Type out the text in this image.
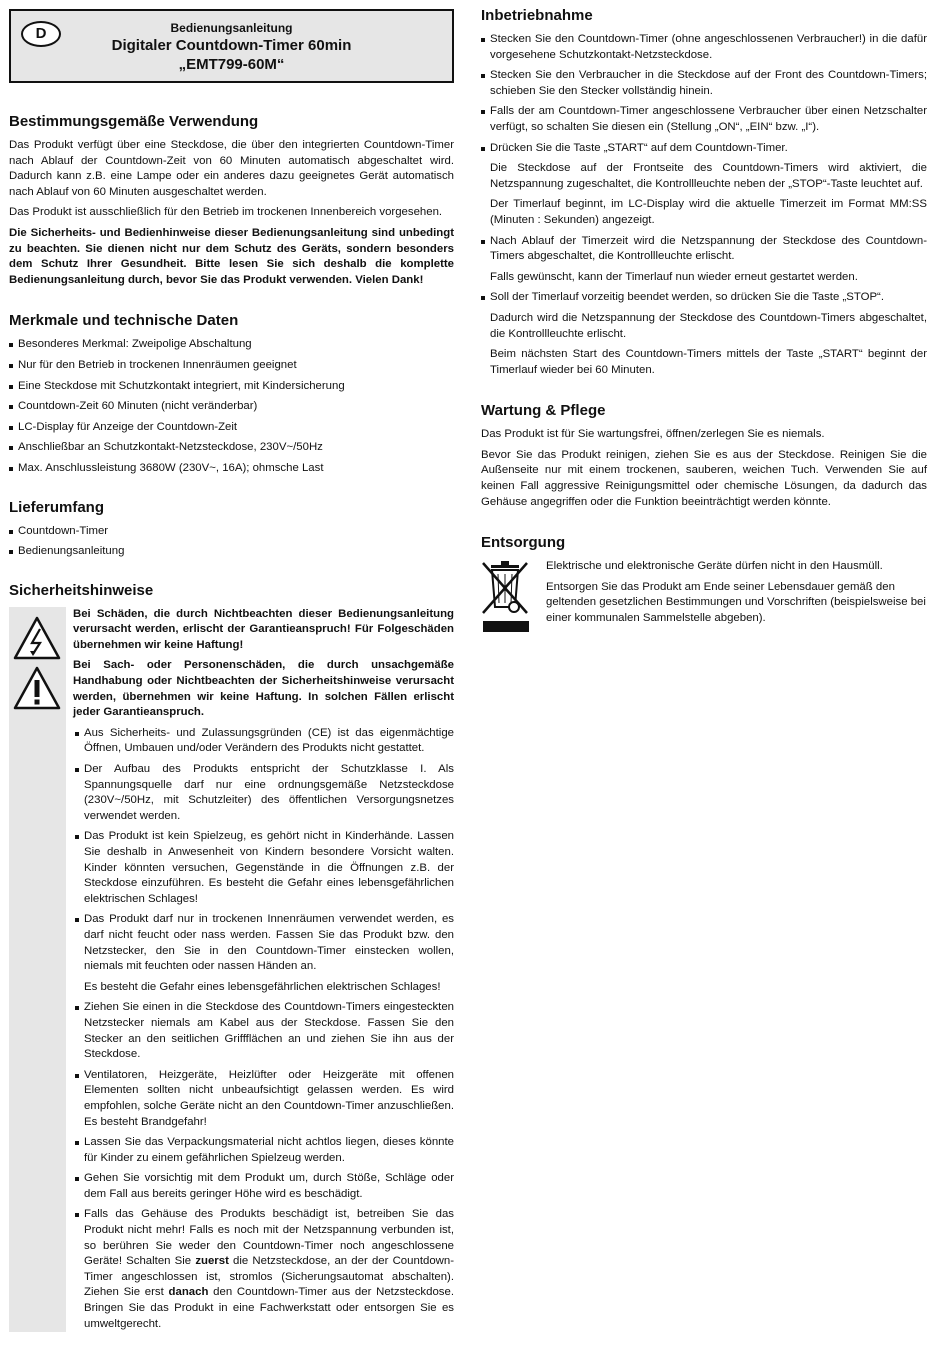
D	Bedienungsanleitung
Digitaler Countdown-Timer 60min
„EMT799-60M“
Bestimmungsgemäße Verwendung

Das Produkt verfügt über eine Steckdose, die über den integrierten Countdown-Timer nach Ablauf der Countdown-Zeit von 60 Minuten automatisch abgeschaltet wird. Dadurch kann z.B. eine Lampe oder ein anderes dazu geeignetes Gerät automatisch nach Ablauf von 60 Minuten ausgeschaltet werden.

Das Produkt ist ausschließlich für den Betrieb im trockenen Innenbereich vorgesehen.

Die Sicherheits- und Bedienhinweise dieser Bedienungsanleitung sind unbedingt zu beachten. Sie dienen nicht nur dem Schutz des Geräts, sondern besonders dem Schutz Ihrer Gesundheit. Bitte lesen Sie sich deshalb die komplette Bedienungsanleitung durch, bevor Sie das Produkt verwenden. Vielen Dank!

Merkmale und technische Daten
Besonderes Merkmal: Zweipolige Abschaltung
Nur für den Betrieb in trockenen Innenräumen geeignet
Eine Steckdose mit Schutzkontakt integriert, mit Kindersicherung
Countdown-Zeit 60 Minuten (nicht veränderbar)
LC-Display für Anzeige der Countdown-Zeit
Anschließbar an Schutzkontakt-Netzsteckdose, 230V~/50Hz
Max. Anschlussleistung 3680W (230V~, 16A); ohmsche Last
Lieferumfang
Countdown-Timer
Bedienungsanleitung
Sicherheitshinweise

Bei Schäden, die durch Nichtbeachten dieser Bedienungsanleitung verursacht werden, erlischt der Garantieanspruch! Für Folgeschäden übernehmen wir keine Haftung!

Bei Sach- oder Personenschäden, die durch unsachgemäße Handhabung oder Nichtbeachten der Sicherheitshinweise verursacht werden, übernehmen wir keine Haftung. In solchen Fällen erlischt jeder Garantieanspruch.

Aus Sicherheits- und Zulassungsgründen (CE) ist das eigenmächtige Öffnen, Umbauen und/oder Verändern des Produkts nicht gestattet.
Der Aufbau des Produkts entspricht der Schutzklasse I. Als Spannungsquelle darf nur eine ordnungsgemäße Netzsteckdose (230V~/50Hz, mit Schutzleiter) des öffentlichen Versorgungsnetzes verwendet werden.
Das Produkt ist kein Spielzeug, es gehört nicht in Kinderhände. Lassen Sie deshalb in Anwesenheit von Kindern besondere Vorsicht walten. Kinder könnten versuchen, Gegenstände in die Öffnungen z.B. der Steckdose einzuführen. Es besteht die Gefahr eines lebensgefährlichen elektrischen Schlages!
Das Produkt darf nur in trockenen Innenräumen verwendet werden, es darf nicht feucht oder nass werden. Fassen Sie das Produkt bzw. den Netzstecker, den Sie in den Countdown-Timer einstecken wollen, niemals mit feuchten oder nassen Händen an.

Es besteht die Gefahr eines lebensgefährlichen elektrischen Schlages!

Ziehen Sie einen in die Steckdose des Countdown-Timers eingesteckten Netzstecker niemals am Kabel aus der Steckdose. Fassen Sie den Stecker an den seitlichen Griffflächen an und ziehen Sie ihn aus der Steckdose.
Ventilatoren, Heizgeräte, Heizlüfter oder Heizgeräte mit offenen Elementen sollten nicht unbeaufsichtigt gelassen werden. Es wird empfohlen, solche Geräte nicht an den Countdown-Timer anzuschließen. Es besteht Brandgefahr!
Lassen Sie das Verpackungsmaterial nicht achtlos liegen, dieses könnte für Kinder zu einem gefährlichen Spielzeug werden.
Gehen Sie vorsichtig mit dem Produkt um, durch Stöße, Schläge oder dem Fall aus bereits geringer Höhe wird es beschädigt.
Falls das Gehäuse des Produkts beschädigt ist, betreiben Sie das Produkt nicht mehr! Falls es noch mit der Netzspannung verbunden ist, so berühren Sie weder den Countdown-Timer noch angeschlossene Geräte! Schalten Sie zuerst die Netzsteckdose, an der der Countdown-Timer angeschlossen ist, stromlos (Sicherungsautomat abschalten). Ziehen Sie erst danach den Countdown-Timer aus der Netzsteckdose. Bringen Sie das Produkt in eine Fachwerkstatt oder entsorgen Sie es umweltgerecht.
Inbetriebnahme
Stecken Sie den Countdown-Timer (ohne angeschlossenen Verbraucher!) in die dafür vorgesehene Schutzkontakt-Netzsteckdose.
Stecken Sie den Verbraucher in die Steckdose auf der Front des Countdown-Timers; schieben Sie den Stecker vollständig hinein.
Falls der am Countdown-Timer angeschlossene Verbraucher über einen Netzschalter verfügt, so schalten Sie diesen ein (Stellung „ON“, „EIN“ bzw. „I“).
Drücken Sie die Taste „START“ auf dem Countdown-Timer.

Die Steckdose auf der Frontseite des Countdown-Timers wird aktiviert, die Netzspannung zugeschaltet, die Kontrollleuchte neben der „STOP“-Taste leuchtet auf.

Der Timerlauf beginnt, im LC-Display wird die aktuelle Timerzeit im Format MM:SS (Minuten : Sekunden) angezeigt.

Nach Ablauf der Timerzeit wird die Netzspannung der Steckdose des Countdown-Timers abgeschaltet, die Kontrollleuchte erlischt.

Falls gewünscht, kann der Timerlauf nun wieder erneut gestartet werden.

Soll der Timerlauf vorzeitig beendet werden, so drücken Sie die Taste „STOP“.

Dadurch wird die Netzspannung der Steckdose des Countdown-Timers abgeschaltet, die Kontrollleuchte erlischt.

Beim nächsten Start des Countdown-Timers mittels der Taste „START“ beginnt der Timerlauf wieder bei 60 Minuten.

Wartung & Pflege

Das Produkt ist für Sie wartungsfrei, öffnen/zerlegen Sie es niemals.

Bevor Sie das Produkt reinigen, ziehen Sie es aus der Steckdose. Reinigen Sie die Außenseite nur mit einem trockenen, sauberen, weichen Tuch. Verwenden Sie auf keinen Fall aggressive Reinigungsmittel oder chemische Lösungen, da dadurch das Gehäuse angegriffen oder die Funktion beeinträchtigt werden könnte.

Entsorgung

Elektrische und elektronische Geräte dürfen nicht in den Hausmüll.

Entsorgen Sie das Produkt am Ende seiner Lebensdauer gemäß den geltenden gesetzlichen Bestimmungen und Vorschriften (beispielsweise bei einer kommunalen Sammelstelle abgeben).
